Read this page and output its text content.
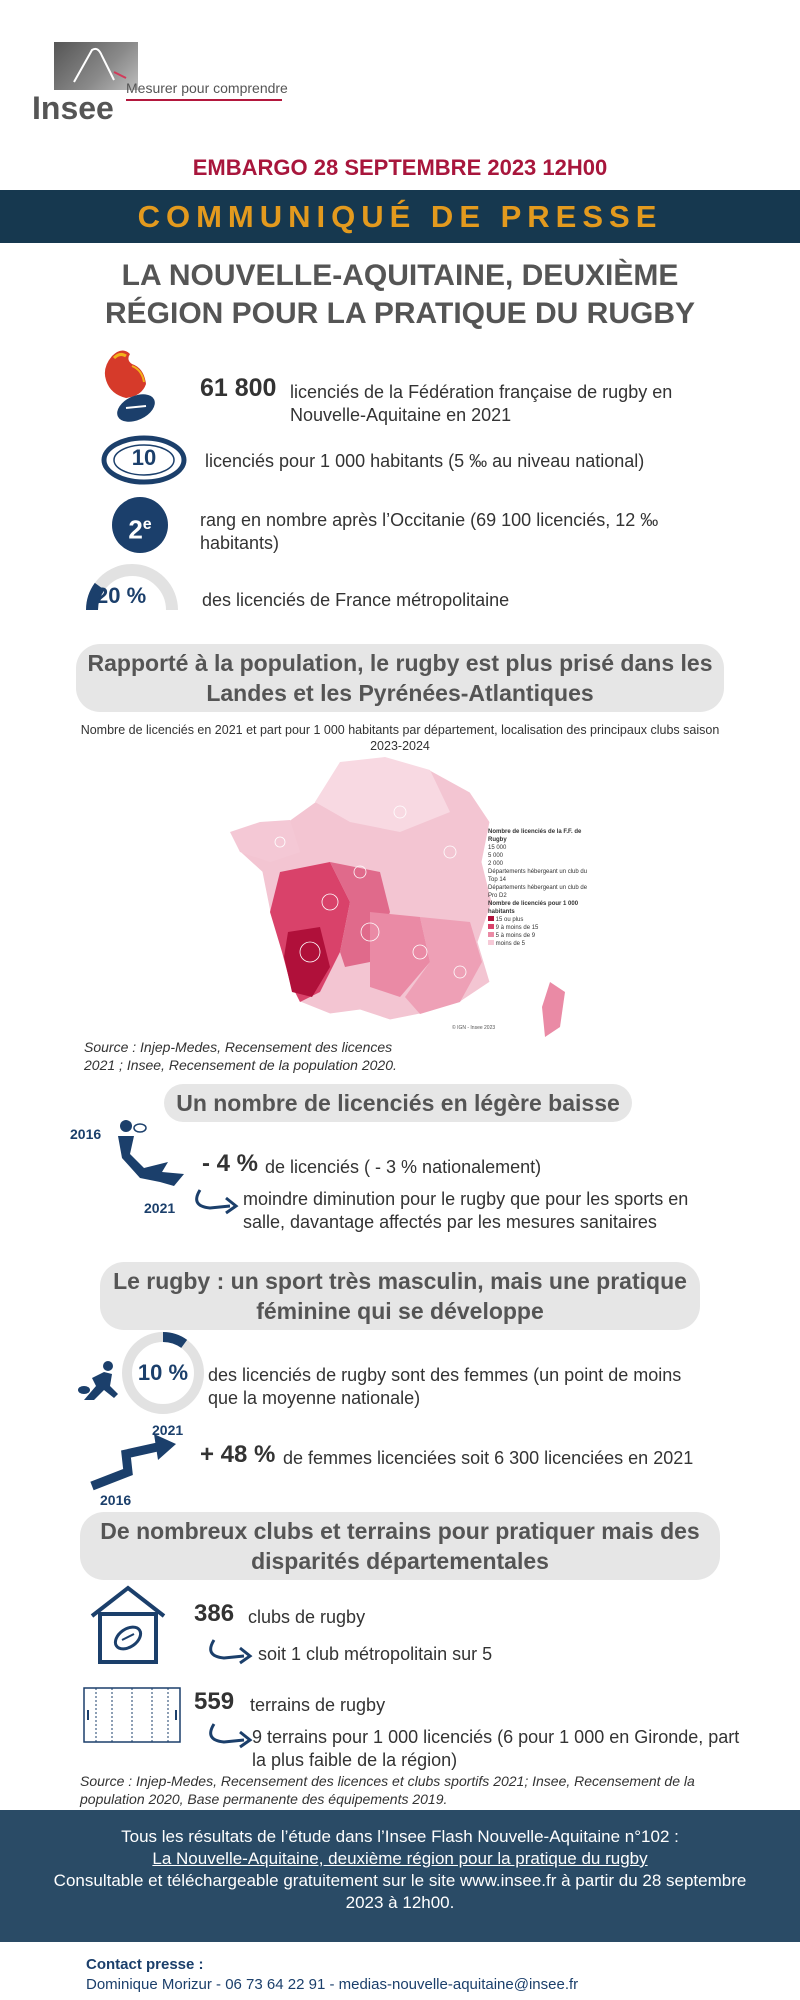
Insee
Mesurer pour comprendre
EMBARGO 28 SEPTEMBRE 2023 12H00
COMMUNIQUÉ DE PRESSE
LA NOUVELLE-AQUITAINE, DEUXIÈME RÉGION POUR LA PRATIQUE DU RUGBY
61 800 licenciés de la Fédération française de rugby en Nouvelle-Aquitaine en 2021
10	licenciés pour 1 000 habitants (5 ‰ au niveau national)
2e	rang en nombre après l’Occitanie (69 100 licenciés, 12 ‰ habitants)
20 %	des licenciés de France métropolitaine
Rapporté à la population, le rugby est plus prisé dans les Landes et les Pyrénées-Atlantiques
Nombre de licenciés en 2021 et part pour 1 000 habitants par département, localisation des principaux clubs saison 2023-2024
Nombre de licenciés de la F.F. de Rugby
15 000
5 000
2 000
Départements hébergeant un club du Top 14
Départements hébergeant un club de Pro D2
Nombre de licenciés pour 1 000 habitants
15 ou plus
9 à moins de 15
5 à moins de 9
moins de 5
© IGN - Insee 2023
Source : Injep-Medes, Recensement des licences 2021 ; Insee, Recensement de la population 2020.
Un nombre de licenciés en légère baisse
2016
2021
- 4 % de licenciés ( - 3 % nationalement)
moindre diminution pour le rugby que pour les sports en salle, davantage affectés par les mesures sanitaires
Le rugby : un sport très masculin, mais une pratique féminine qui se développe
10 %	des licenciés de rugby sont des femmes (un point de moins que la moyenne nationale)
2021
2016
+ 48 % de femmes licenciées soit 6 300 licenciées en 2021
De nombreux clubs et terrains pour pratiquer mais des disparités départementales
386 clubs de rugby
soit 1 club métropolitain sur 5
559 terrains de rugby
9 terrains pour 1 000 licenciés (6 pour 1 000 en Gironde, part la plus faible de la région)
Source : Injep-Medes, Recensement des licences et clubs sportifs 2021; Insee, Recensement de la population 2020, Base permanente des équipements 2019.
Tous les résultats de l’étude dans l’Insee Flash Nouvelle-Aquitaine n°102 :
La Nouvelle-Aquitaine, deuxième région pour la pratique du rugby
Consultable et téléchargeable gratuitement sur le site www.insee.fr à partir du 28 septembre 2023 à 12h00.
Contact presse :
Dominique Morizur - 06 73 64 22 91 - medias-nouvelle-aquitaine@insee.fr
